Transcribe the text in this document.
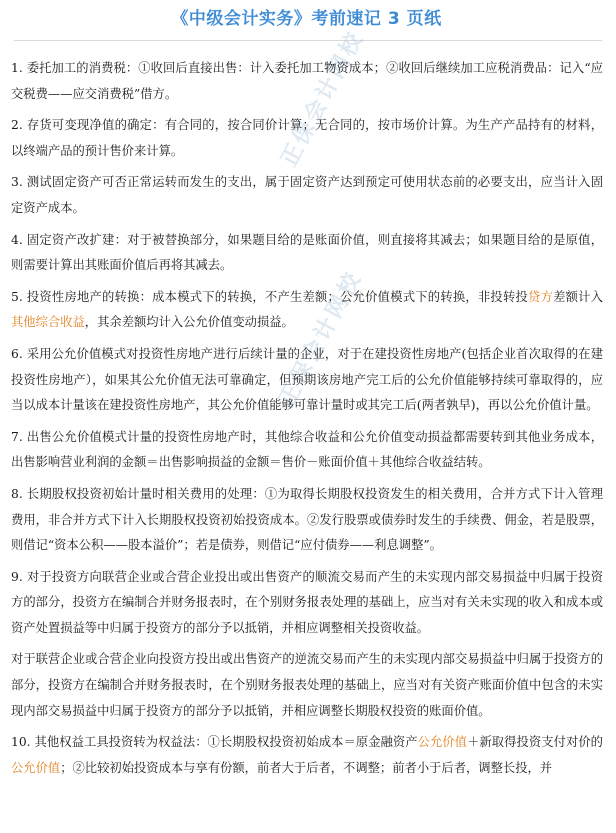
《中级会计实务》考前速记 3 页纸
正保会计网校
正保会计网校

1. 委托加工的消费税：①收回后直接出售：计入委托加工物资成本；②收回后继续加工应税消费品：记入“应交税费——应交消费税”借方。

2. 存货可变现净值的确定：有合同的，按合同价计算；无合同的，按市场价计算。为生产产品持有的材料，以终端产品的预计售价来计算。

3. 测试固定资产可否正常运转而发生的支出，属于固定资产达到预定可使用状态前的必要支出，应当计入固定资产成本。

4. 固定资产改扩建：对于被替换部分，如果题目给的是账面价值，则直接将其减去；如果题目给的是原值，则需要计算出其账面价值后再将其减去。

5. 投资性房地产的转换：成本模式下的转换，不产生差额；公允价值模式下的转换，非投转投贷方差额计入其他综合收益，其余差额均计入公允价值变动损益。

6. 采用公允价值模式对投资性房地产进行后续计量的企业，对于在建投资性房地产(包括企业首次取得的在建投资性房地产），如果其公允价值无法可靠确定，但预期该房地产完工后的公允价值能够持续可靠取得的，应当以成本计量该在建投资性房地产，其公允价值能够可靠计量时或其完工后(两者孰早)，再以公允价值计量。

7. 出售公允价值模式计量的投资性房地产时，其他综合收益和公允价值变动损益都需要转到其他业务成本，出售影响营业利润的金额＝出售影响损益的金额＝售价－账面价值＋其他综合收益结转。

8. 长期股权投资初始计量时相关费用的处理：①为取得长期股权投资发生的相关费用，合并方式下计入管理费用，非合并方式下计入长期股权投资初始投资成本。②发行股票或债券时发生的手续费、佣金，若是股票，则借记“资本公积——股本溢价”；若是债券，则借记“应付债券——利息调整”。

9. 对于投资方向联营企业或合营企业投出或出售资产的顺流交易而产生的未实现内部交易损益中归属于投资方的部分，投资方在编制合并财务报表时，在个别财务报表处理的基础上，应当对有关未实现的收入和成本或资产处置损益等中归属于投资方的部分予以抵销，并相应调整相关投资收益。

对于联营企业或合营企业向投资方投出或出售资产的逆流交易而产生的未实现内部交易损益中归属于投资方的部分，投资方在编制合并财务报表时，在个别财务报表处理的基础上，应当对有关资产账面价值中包含的未实现内部交易损益中归属于投资方的部分予以抵销，并相应调整长期股权投资的账面价值。

10. 其他权益工具投资转为权益法：①长期股权投资初始成本＝原金融资产公允价值＋新取得投资支付对价的公允价值；②比较初始投资成本与享有份额，前者大于后者，不调整；前者小于后者，调整长投，并
